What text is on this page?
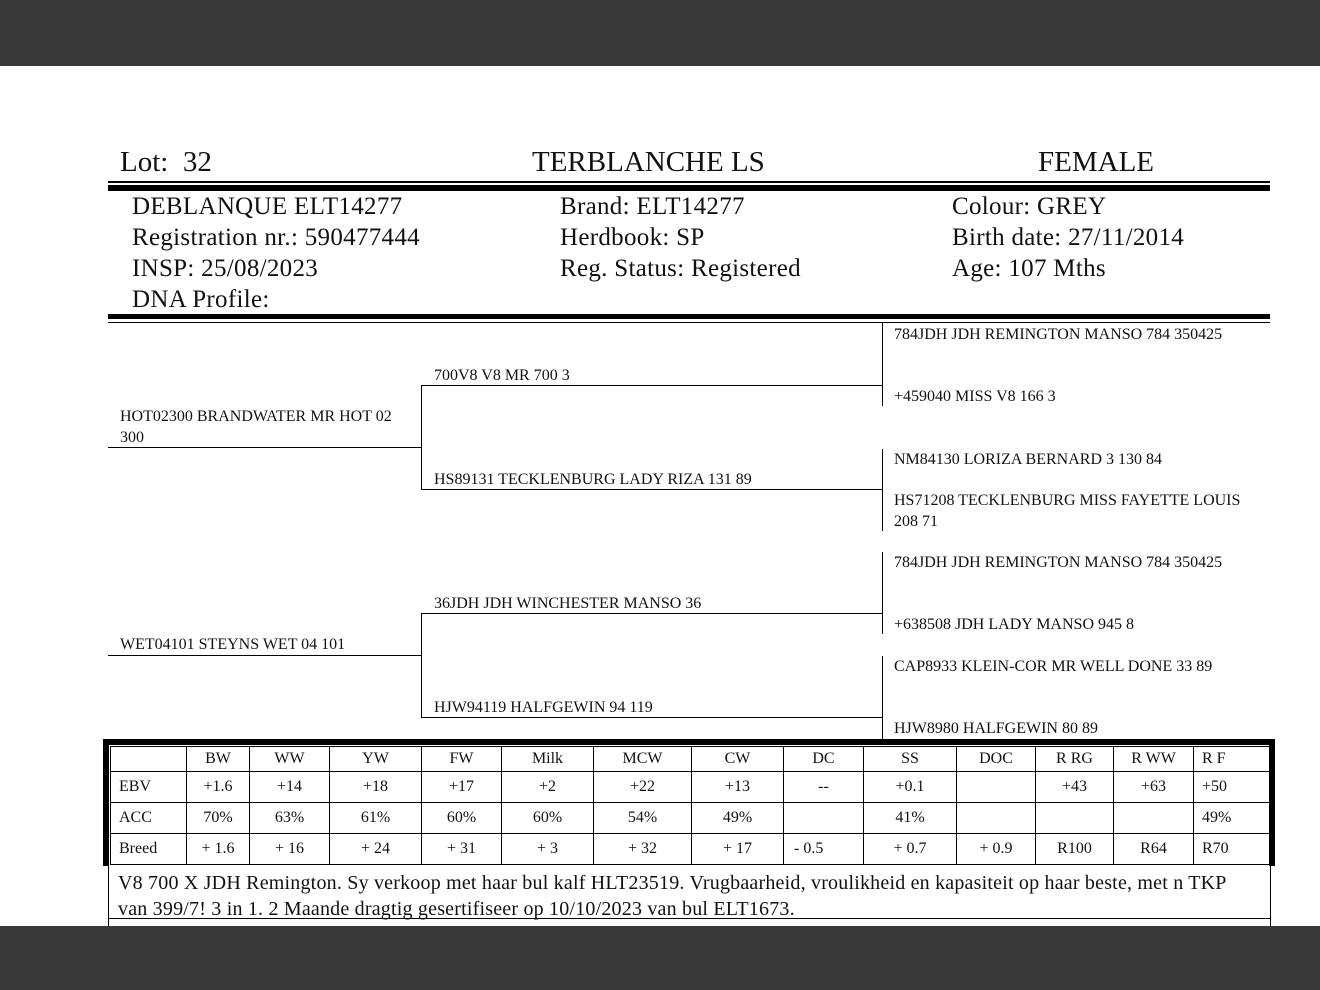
Lot: 32	TERBLANCHE LS	FEMALE
DEBLANQUE ELT14277
Registration nr.: 590477444
INSP: 25/08/2023
DNA Profile:
Brand: ELT14277
Herdbook: SP
Reg. Status: Registered
Colour: GREY
Birth date: 27/11/2014
Age: 107 Mths
HOT02300 BRANDWATER MR HOT 02 300
WET04101 STEYNS WET 04 101
700V8 V8 MR 700 3
HS89131 TECKLENBURG LADY RIZA 131 89
36JDH JDH WINCHESTER MANSO 36
HJW94119 HALFGEWIN 94 119
784JDH JDH REMINGTON MANSO 784 350425
+459040 MISS V8 166 3
NM84130 LORIZA BERNARD 3 130 84
HS71208 TECKLENBURG MISS FAYETTE LOUIS 208 71
784JDH JDH REMINGTON MANSO 784 350425
+638508 JDH LADY MANSO 945 8
CAP8933 KLEIN-COR MR WELL DONE 33 89
HJW8980 HALFGEWIN 80 89
	BW	WW	YW	FW	Milk	MCW	CW	DC	SS	DOC	R RG	R WW	R F
EBV	+1.6	+14	+18	+17	+2	+22	+13	--	+0.1		+43	+63	+50
ACC	70%	63%	61%	60%	60%	54%	49%		41%				49%
Breed	+ 1.6	+ 16	+ 24	+ 31	+ 3	+ 32	+ 17	- 0.5	+ 0.7	+ 0.9	R100	R64	R70
V8 700 X JDH Remington. Sy verkoop met haar bul kalf HLT23519. Vrugbaarheid, vroulikheid en kapasiteit op haar beste, met n TKP van 399/7! 3 in 1. 2 Maande dragtig gesertifiseer op 10/10/2023 van bul ELT1673.
